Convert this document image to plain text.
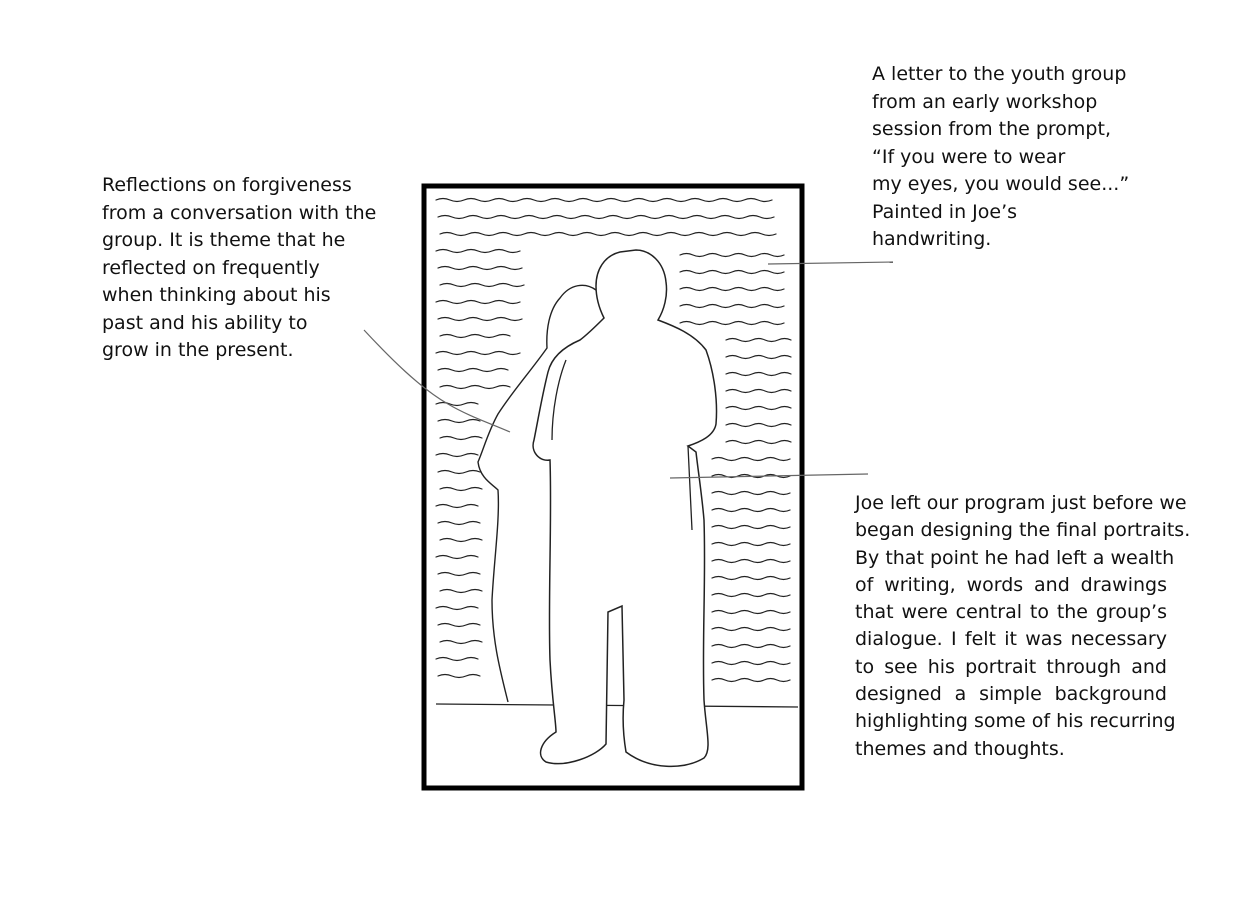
Reflections on forgiveness
from a conversation with the
group. It is theme that he
reflected on frequently
when thinking about his
past and his ability to
grow in the present.
A letter to the youth group
from an early workshop
session from the prompt,
“If you were to wear
my eyes, you would see...”
Painted in Joe’s
handwriting.
Joe left our program just before we
began designing the final portraits.
By that point he had left a wealth
of writing, words and drawings
that were central to the group’s
dialogue. I felt it was necessary
to see his portrait through and
designed a simple background
highlighting some of his recurring
themes and thoughts.
